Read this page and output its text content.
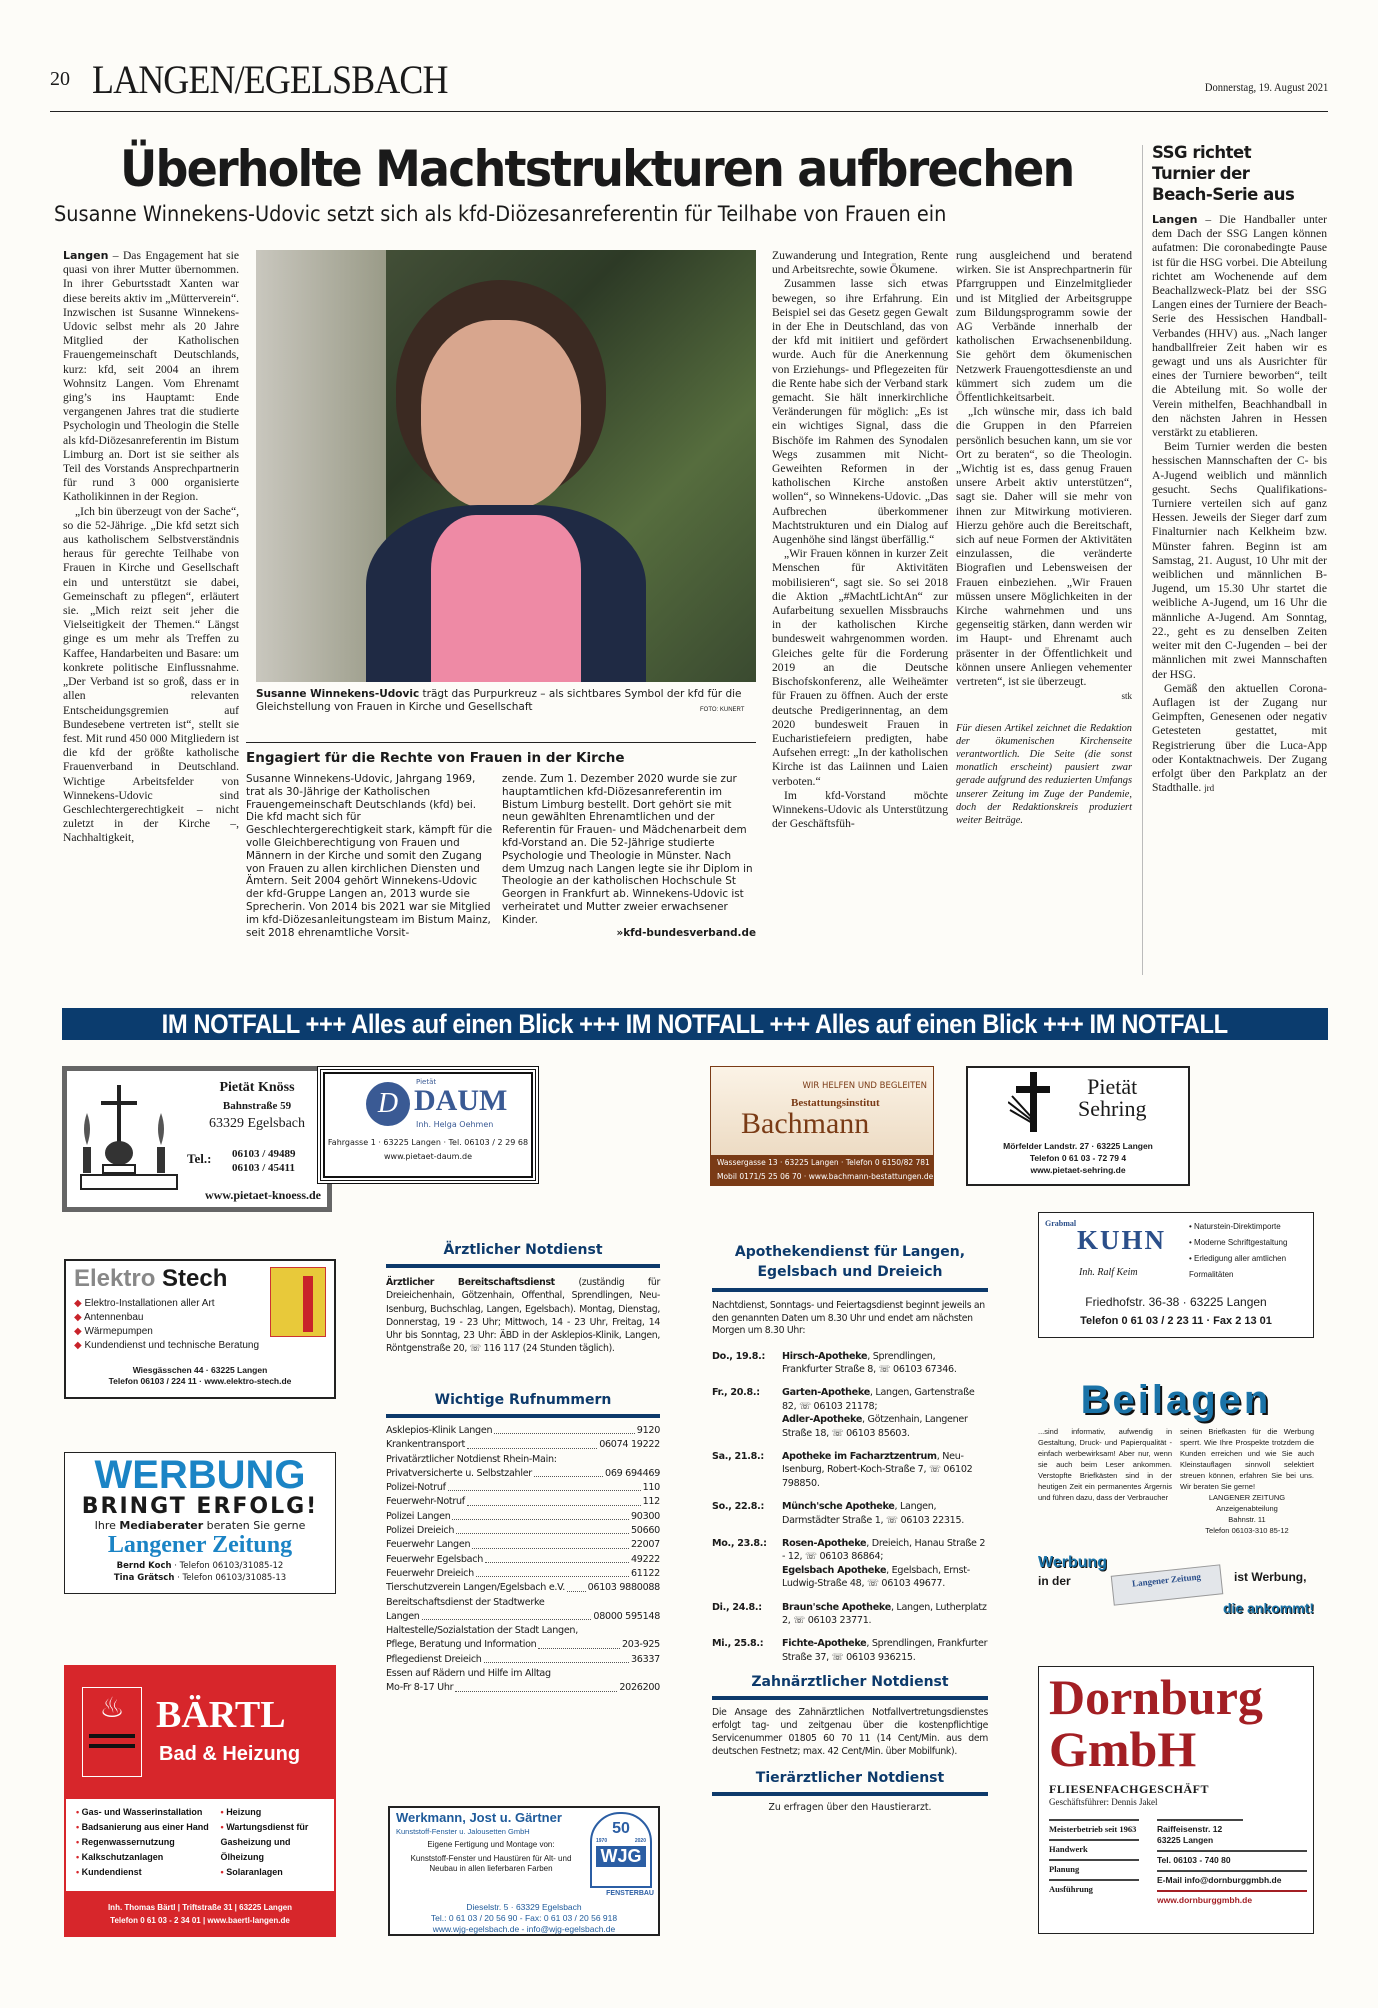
20 LANGEN/EGELSBACH	Donnerstag, 19. August 2021
Überholte Machtstrukturen aufbrechen
Susanne Winnekens-Udovic setzt sich als kfd-Diözesanreferentin für Teilhabe von Frauen ein

Langen – Das Engagement hat sie quasi von ihrer Mutter übernommen. In ihrer Geburtsstadt Xanten war diese bereits aktiv im „Mütterverein“. Inzwischen ist Susanne Winnekens-Udovic selbst mehr als 20 Jahre Mitglied der Katholischen Frauengemeinschaft Deutschlands, kurz: kfd, seit 2004 an ihrem Wohnsitz Langen. Vom Ehrenamt ging’s ins Hauptamt: Ende vergangenen Jahres trat die studierte Psychologin und Theologin die Stelle als kfd-Diözesanreferentin im Bistum Limburg an. Dort ist sie seither als Teil des Vorstands Ansprechpartnerin für rund 3 000 organisierte Katholikinnen in der Region.

„Ich bin überzeugt von der Sache“, so die 52-Jährige. „Die kfd setzt sich aus katholischem Selbstverständnis heraus für gerechte Teilhabe von Frauen in Kirche und Gesellschaft ein und unterstützt sie dabei, Gemeinschaft zu pflegen“, erläutert sie. „Mich reizt seit jeher die Vielseitigkeit der Themen.“ Längst ginge es um mehr als Treffen zu Kaffee, Handarbeiten und Basare: um konkrete politische Einflussnahme. „Der Verband ist so groß, dass er in allen relevanten Entscheidungsgremien auf Bundesebene vertreten ist“, stellt sie fest. Mit rund 450 000 Mitgliedern ist die kfd der größte katholische Frauenverband in Deutschland. Wichtige Arbeitsfelder von Winnekens-Udovic sind Geschlechtergerechtigkeit – nicht zuletzt in der Kirche –, Nachhaltigkeit,

Susanne Winnekens-Udovic trägt das Purpurkreuz – als sichtbares Symbol der kfd für die Gleichstellung von Frauen in Kirche und Gesellschaft	FOTO: KUNERT
Engagiert für die Rechte von Frauen in der Kirche
Susanne Winnekens-Udovic, Jahrgang 1969, trat als 30-Jährige der Katholischen Frauengemeinschaft Deutschlands (kfd) bei. Die kfd macht sich für Geschlechtergerechtigkeit stark, kämpft für die volle Gleichberechtigung von Frauen und Männern in der Kirche und somit den Zugang von Frauen zu allen kirchlichen Diensten und Ämtern. Seit 2004 gehört Winnekens-Udovic der kfd-Gruppe Langen an, 2013 wurde sie Sprecherin. Von 2014 bis 2021 war sie Mitglied im kfd-Diözesanleitungsteam im Bistum Mainz, seit 2018 ehrenamtliche Vorsit-
zende. Zum 1. Dezember 2020 wurde sie zur hauptamtlichen kfd-Diözesanreferentin im Bistum Limburg bestellt. Dort gehört sie mit neun gewählten Ehrenamtlichen und der Referentin für Frauen- und Mädchenarbeit dem kfd-Vorstand an. Die 52-Jährige studierte Psychologie und Theologie in Münster. Nach dem Umzug nach Langen legte sie ihr Diplom in Theologie an der katholischen Hochschule St Georgen in Frankfurt ab. Winnekens-Udovic ist verheiratet und Mutter zweier erwachsener Kinder.
»kfd-bundesverband.de

Zuwanderung und Integration, Rente und Arbeitsrechte, sowie Ökumene.

Zusammen lasse sich etwas bewegen, so ihre Erfahrung. Ein Beispiel sei das Gesetz gegen Gewalt in der Ehe in Deutschland, das von der kfd mit initiiert und gefördert wurde. Auch für die Anerkennung von Erziehungs- und Pflegezeiten für die Rente habe sich der Verband stark gemacht. Sie hält innerkirchliche Veränderungen für möglich: „Es ist ein wichtiges Signal, dass die Bischöfe im Rahmen des Synodalen Wegs zusammen mit Nicht-Geweihten Reformen in der katholischen Kirche anstoßen wollen“, so Winnekens-Udovic. „Das Aufbrechen überkommener Machtstrukturen und ein Dialog auf Augenhöhe sind längst überfällig.“

„Wir Frauen können in kurzer Zeit Menschen für Aktivitäten mobilisieren“, sagt sie. So sei 2018 die Aktion „#MachtLichtAn“ zur Aufarbeitung sexuellen Missbrauchs in der katholischen Kirche bundesweit wahrgenommen worden. Gleiches gelte für die Forderung 2019 an die Deutsche Bischofskonferenz, alle Weiheämter für Frauen zu öffnen. Auch der erste deutsche Predigerinnentag, an dem 2020 bundesweit Frauen in Eucharistiefeiern predigten, habe Aufsehen erregt: „In der katholischen Kirche ist das Laiinnen und Laien verboten.“

Im kfd-Vorstand möchte Winnekens-Udovic als Unterstützung der Geschäftsfüh-

rung ausgleichend und beratend wirken. Sie ist Ansprechpartnerin für Pfarrgruppen und Einzelmitglieder und ist Mitglied der Arbeitsgruppe zum Bildungsprogramm sowie der AG Verbände innerhalb der katholischen Erwachsenenbildung. Sie gehört dem ökumenischen Netzwerk Frauengottesdienste an und kümmert sich zudem um die Öffentlichkeitsarbeit.

„Ich wünsche mir, dass ich bald die Gruppen in den Pfarreien persönlich besuchen kann, um sie vor Ort zu beraten“, so die Theologin. „Wichtig ist es, dass genug Frauen unsere Arbeit aktiv unterstützen“, sagt sie. Daher will sie mehr von ihnen zur Mitwirkung motivieren. Hierzu gehöre auch die Bereitschaft, sich auf neue Formen der Aktivitäten einzulassen, die veränderte Biografien und Lebensweisen der Frauen einbeziehen. „Wir Frauen müssen unsere Möglichkeiten in der Kirche wahrnehmen und uns gegenseitig stärken, dann werden wir im Haupt- und Ehrenamt auch präsenter in der Öffentlichkeit und können unsere Anliegen vehementer vertreten“, ist sie überzeugt.

stk
Für diesen Artikel zeichnet die Redaktion der ökumenischen Kirchenseite verantwortlich. Die Seite (die sonst monatlich erscheint) pausiert zwar gerade aufgrund des reduzierten Umfangs unserer Zeitung im Zuge der Pandemie, doch der Redaktionskreis produziert weiter Beiträge.
SSG richtet Turnier der Beach-Serie aus

Langen – Die Handballer unter dem Dach der SSG Langen können aufatmen: Die coronabedingte Pause ist für die HSG vorbei. Die Abteilung richtet am Wochenende auf dem Beachallzweck-Platz bei der SSG Langen eines der Turniere der Beach-Serie des Hessischen Handball-Verbandes (HHV) aus. „Nach langer handballfreier Zeit haben wir es gewagt und uns als Ausrichter für eines der Turniere beworben“, teilt die Abteilung mit. So wolle der Verein mithelfen, Beachhandball in den nächsten Jahren in Hessen verstärkt zu etablieren.

Beim Turnier werden die besten hessischen Mannschaften der C- bis A-Jugend weiblich und männlich gesucht. Sechs Qualifikations-Turniere verteilen sich auf ganz Hessen. Jeweils der Sieger darf zum Finalturnier nach Kelkheim bzw. Münster fahren. Beginn ist am Samstag, 21. August, 10 Uhr mit der weiblichen und männlichen B-Jugend, um 15.30 Uhr startet die weibliche A-Jugend, um 16 Uhr die männliche A-Jugend. Am Sonntag, 22., geht es zu denselben Zeiten weiter mit den C-Jugenden – bei der männlichen mit zwei Mannschaften der HSG.

Gemäß den aktuellen Corona-Auflagen ist der Zugang nur Geimpften, Genesenen oder negativ Getesteten gestattet, mit Registrierung über die Luca-App oder Kontaktnachweis. Der Zugang erfolgt über den Parkplatz an der Stadthalle. jrd

IM NOTFALL +++ Alles auf einen Blick +++ IM NOTFALL +++ Alles auf einen Blick +++ IM NOTFALL
Pietät Knöss
Bahnstraße 59
63329 Egelsbach
Tel.: 06103 / 49489
06103 / 45411
www.pietaet-knoess.de
D
Pietät
DAUM
Inh. Helga Oehmen
Fahrgasse 1 · 63225 Langen · Tel. 06103 / 2 29 68
www.pietaet-daum.de
WIR HELFEN UND BEGLEITEN
Bestattungsinstitut
Bachmann
Wassergasse 13 · 63225 Langen · Telefon 0 6150/82 781
Mobil 0171/5 25 06 70 · www.bachmann-bestattungen.de
Pietät
Sehring
Mörfelder Landstr. 27 · 63225 Langen
Telefon 0 61 03 - 72 79 4
www.pietaet-sehring.de
Elektro Stech
◆ Elektro-Installationen aller Art
◆ Antennenbau
◆ Wärmepumpen
◆ Kundendienst und technische Beratung
Wiesgässchen 44 · 63225 Langen
Telefon 06103 / 224 11 · www.elektro-stech.de
WERBUNG
BRINGT ERFOLG!
Ihre Mediaberater beraten Sie gerne
Langener Zeitung
Bernd Koch · Telefon 06103/31085-12
Tina Grätsch · Telefon 06103/31085-13
♨ BÄRTL
Bad & Heizung
• Gas- und Wasserinstallation
• Badsanierung aus einer Hand
• Regenwassernutzung
• Kalkschutzanlagen
• Kundendienst
• Heizung
• Wartungsdienst für Gasheizung und Ölheizung
• Solaranlagen
Inh. Thomas Bärtl | Triftstraße 31 | 63225 Langen
Telefon 0 61 03 - 2 34 01 | www.baertl-langen.de
Ärztlicher Notdienst
Ärztlicher Bereitschaftsdienst (zuständig für Dreieichenhain, Götzenhain, Offenthal, Sprendlingen, Neu-Isenburg, Buchschlag, Langen, Egelsbach). Montag, Dienstag, Donnerstag, 19 - 23 Uhr; Mittwoch, 14 - 23 Uhr, Freitag, 14 Uhr bis Sonntag, 23 Uhr: ÄBD in der Asklepios-Klinik, Langen, Röntgenstraße 20, ☏ 116 117 (24 Stunden täglich).
Wichtige Rufnummern
Asklepios-Klinik Langen	9120
Krankentransport	06074 19222
Privatärztlicher Notdienst Rhein-Main:
Privatversicherte u. Selbstzahler	069 694469
Polizei-Notruf	110
Feuerwehr-Notruf	112
Polizei Langen	90300
Polizei Dreieich	50660
Feuerwehr Langen	22007
Feuerwehr Egelsbach	49222
Feuerwehr Dreieich	61122
Tierschutzverein Langen/Egelsbach e.V. 06103 9880088
Bereitschaftsdienst der Stadtwerke
Langen	08000 595148
Haltestelle/Sozialstation der Stadt Langen,
Pflege, Beratung und Information	203-925
Pflegedienst Dreieich	36337
Essen auf Rädern und Hilfe im Alltag
Mo-Fr 8-17 Uhr	2026200
Apothekendienst für Langen, Egelsbach und Dreieich
Nachtdienst, Sonntags- und Feiertagsdienst beginnt jeweils an den genannten Daten um 8.30 Uhr und endet am nächsten Morgen um 8.30 Uhr:
Do., 19.8.:	Hirsch-Apotheke, Sprendlingen, Frankfurter Straße 8, ☏ 06103 67346.
Fr., 20.8.:	Garten-Apotheke, Langen, Gartenstraße 82, ☏ 06103 21178;
Adler-Apotheke, Götzenhain, Langener Straße 18, ☏ 06103 85603.
Sa., 21.8.:	Apotheke im Facharztzentrum, Neu-Isenburg, Robert-Koch-Straße 7, ☏ 06102 798850.
So., 22.8.:	Münch'sche Apotheke, Langen, Darmstädter Straße 1, ☏ 06103 22315.
Mo., 23.8.:	Rosen-Apotheke, Dreieich, Hanau Straße 2 - 12, ☏ 06103 86864;
Egelsbach Apotheke, Egelsbach, Ernst-Ludwig-Straße 48, ☏ 06103 49677.
Di., 24.8.:	Braun'sche Apotheke, Langen, Lutherplatz 2, ☏ 06103 23771.
Mi., 25.8.:	Fichte-Apotheke, Sprendlingen, Frankfurter Straße 37, ☏ 06103 936215.
Zahnärztlicher Notdienst
Die Ansage des Zahnärztlichen Notfallvertretungsdienstes erfolgt tag- und zeitgenau über die kostenpflichtige Servicenummer 01805 60 70 11 (14 Cent/Min. aus dem deutschen Festnetz; max. 42 Cent/Min. über Mobilfunk).
Tierärztlicher Notdienst
Zu erfragen über den Haustierarzt.
Werkmann, Jost u. Gärtner
Kunststoff-Fenster u. Jalousetten GmbH
Eigene Fertigung und Montage von:
Kunststoff-Fenster und Haustüren für Alt- und Neubau in allen lieferbaren Farben
50
1970	2020
WJG
FENSTERBAU
Dieselstr. 5 · 63329 Egelsbach
Tel.: 0 61 03 / 20 56 90 - Fax: 0 61 03 / 20 56 918
www.wjg-egelsbach.de - info@wjg-egelsbach.de
Grabmal
KUHN
Inh. Ralf Keim
• Naturstein-Direktimporte
• Moderne Schriftgestaltung
• Erledigung aller amtlichen Formalitäten
Friedhofstr. 36-38 · 63225 Langen
Telefon 0 61 03 / 2 23 11 · Fax 2 13 01
Beilagen
...sind informativ, aufwendig in Gestaltung, Druck- und Papierqualität - einfach werbewirksam! Aber nur, wenn sie auch beim Leser ankommen. Verstopfte Briefkästen sind in der heutigen Zeit ein permanentes Ärgernis und führen dazu, dass der Verbraucher
seinen Briefkasten für die Werbung sperrt. Wie Ihre Prospekte trotzdem die Kunden erreichen und wie Sie auch Kleinstauflagen sinnvoll selektiert streuen können, erfahren Sie bei uns. Wir beraten Sie gerne!
LANGENER ZEITUNG
Anzeigenabteilung
Bahnstr. 11
Telefon 06103-310 85-12
Werbung
in der	Langener Zeitung	ist Werbung,
die ankommt!
Dornburg
GmbH
FLIESENFACHGESCHÄFT
Geschäftsführer: Dennis Jakel
Meisterbetrieb seit 1963
Handwerk
Planung
Ausführung
Raiffeisenstr. 12 63225 Langen
Tel. 06103 - 740 80
E-Mail info@dornburggmbh.de
www.dornburggmbh.de
